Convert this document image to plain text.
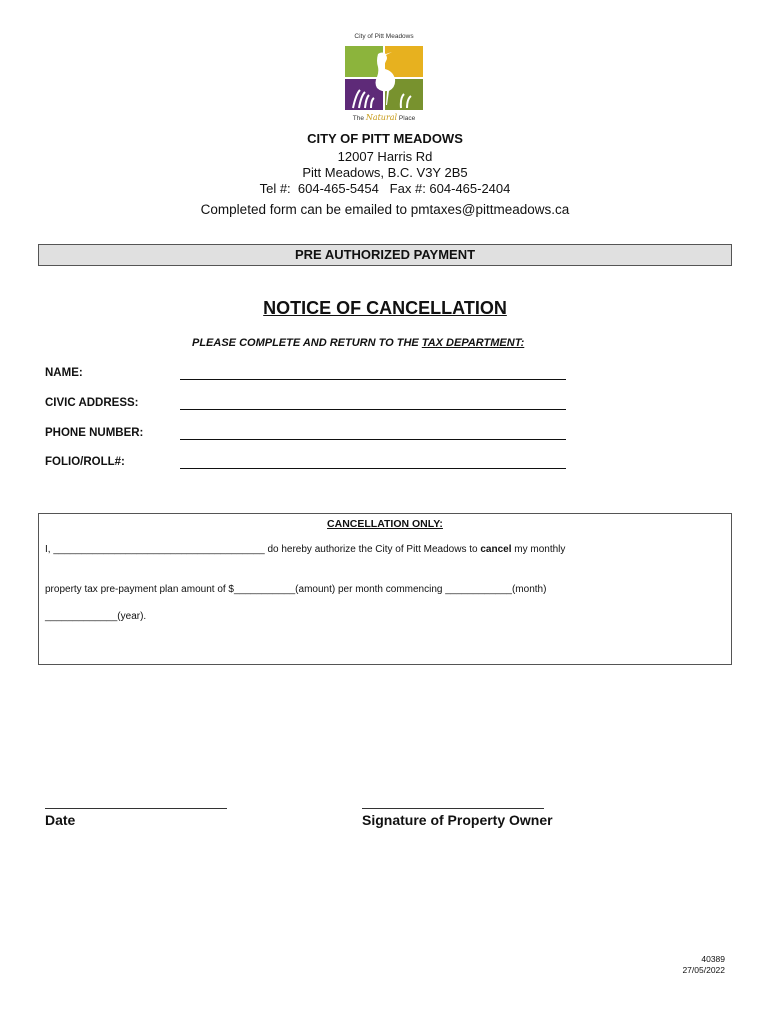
City of Pitt Meadows
The Natural Place
CITY OF PITT MEADOWS
12007 Harris Rd
Pitt Meadows, B.C. V3Y 2B5
Tel #:  604-465-5454   Fax #: 604-465-2404
Completed form can be emailed to pmtaxes@pittmeadows.ca
PRE AUTHORIZED PAYMENT
NOTICE OF CANCELLATION
PLEASE COMPLETE AND RETURN TO THE TAX DEPARTMENT:
NAME:
CIVIC ADDRESS:
PHONE NUMBER:
FOLIO/ROLL#:
CANCELLATION ONLY:
I, ______________________________________ do hereby authorize the City of Pitt Meadows to cancel my monthly
property tax pre-payment plan amount of $___________(amount) per month commencing ____________(month)
_____________(year).
Date	Signature of Property Owner
40389
27/05/2022
